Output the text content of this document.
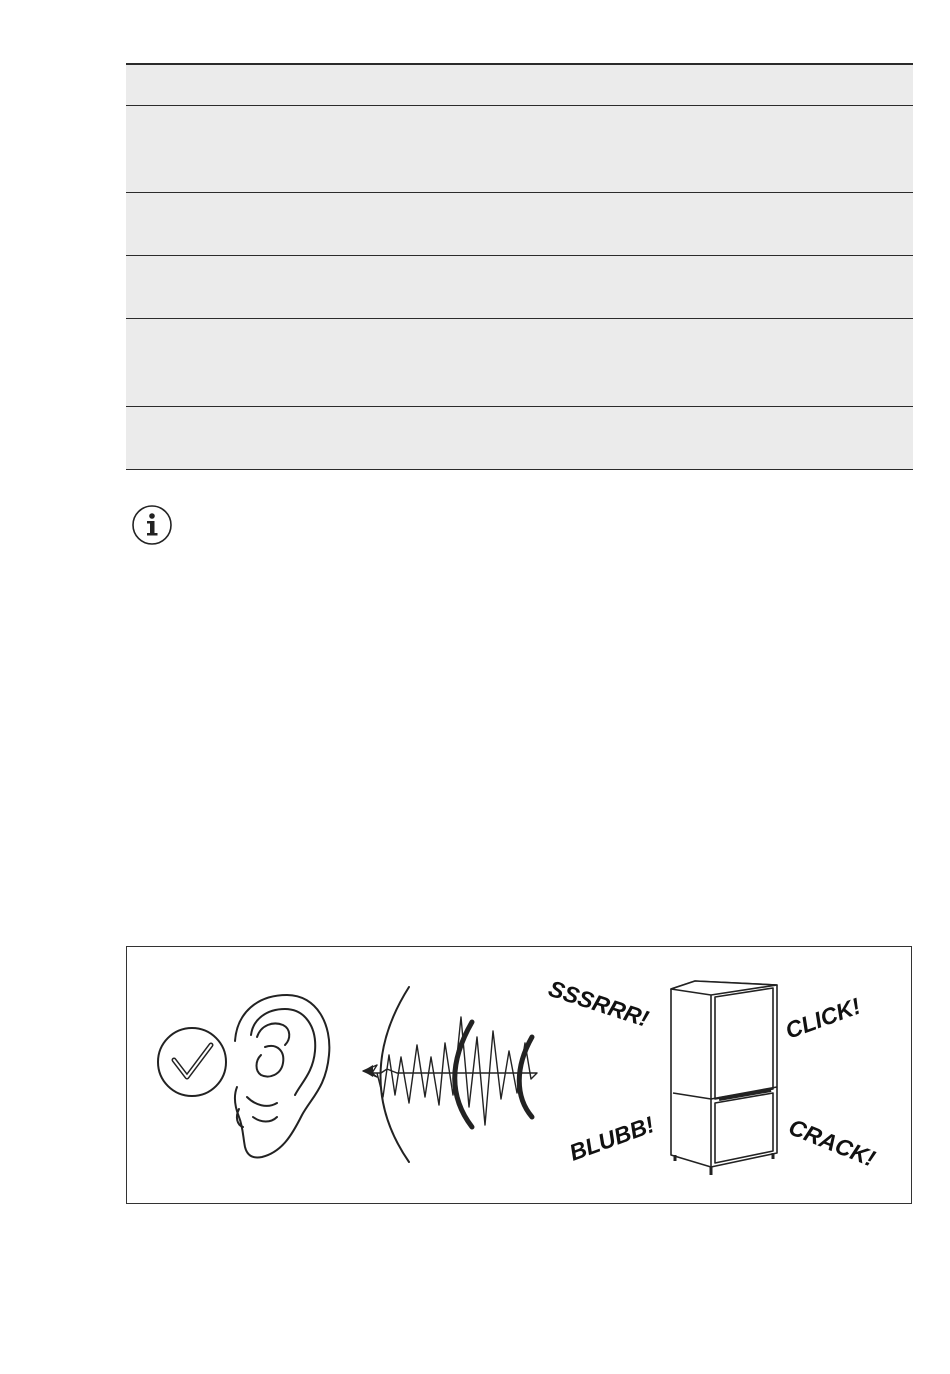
SSSRRR!	CLICK!
BLUBB!	CRACK!
